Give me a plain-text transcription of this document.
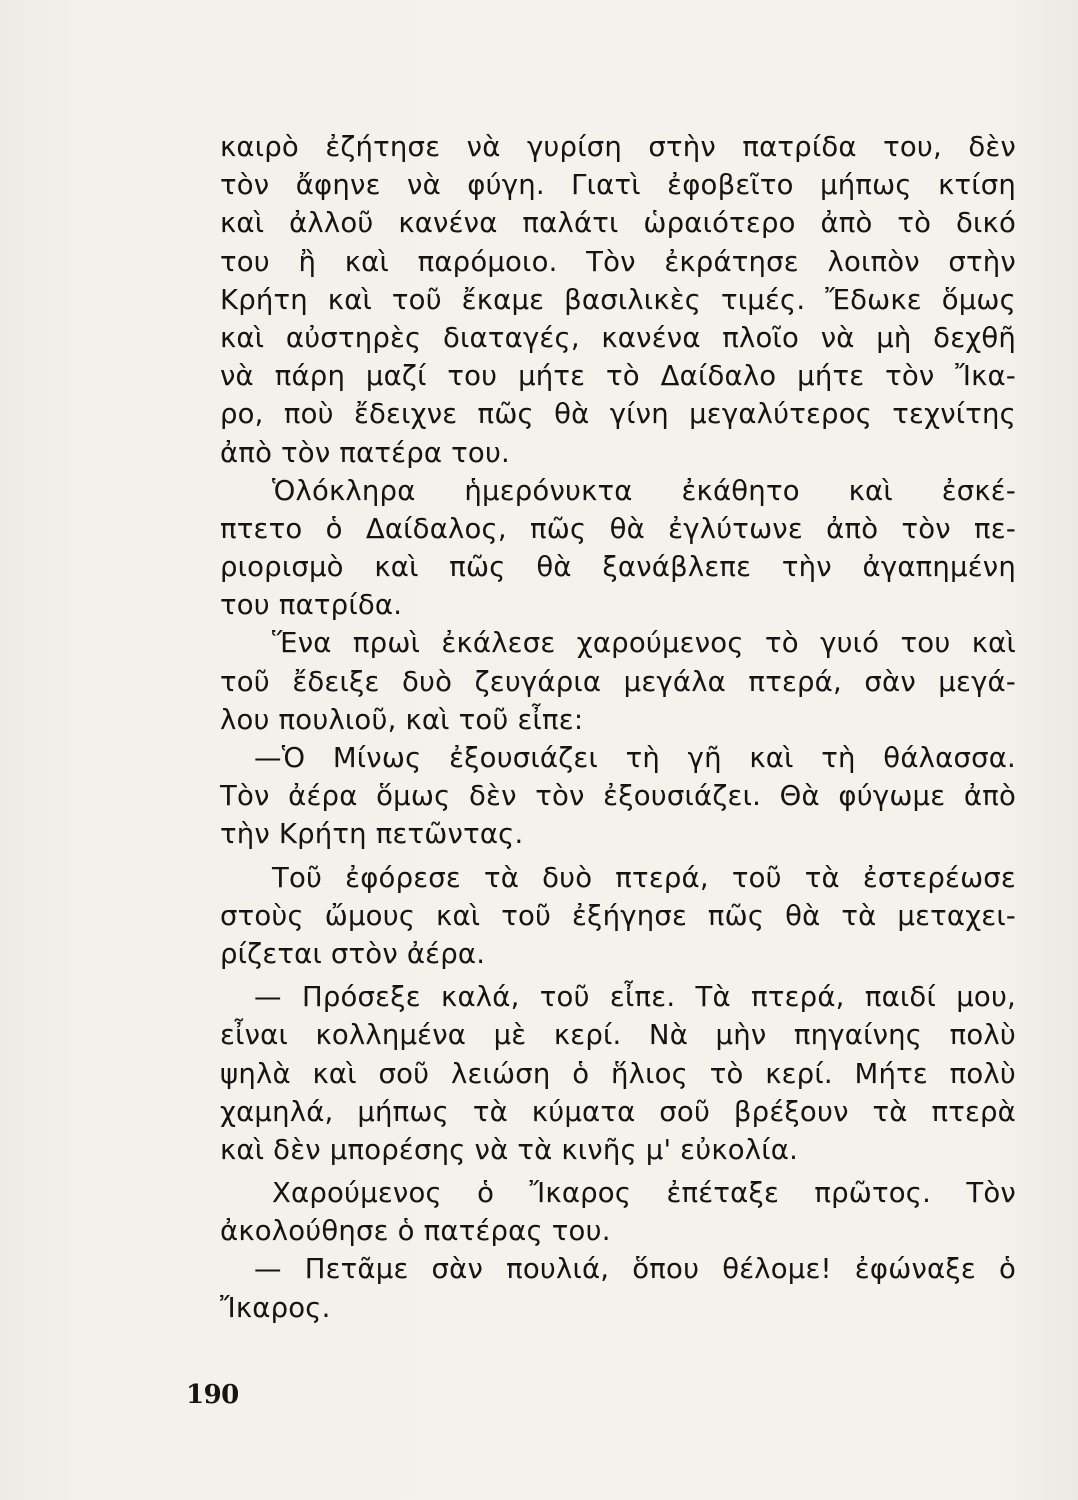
καιρὸ ἐζήτησε νὰ γυρίση στὴν πατρίδα του, δὲν
τὸν ἄφηνε νὰ φύγη. Γιατὶ ἐφοβεῖτο μήπως κτίση
καὶ ἀλλοῦ κανένα παλάτι ὡραιότερο ἀπὸ τὸ δικό
του ἢ καὶ παρόμοιο. Τὸν ἐκράτησε λοιπὸν στὴν
Κρήτη καὶ τοῦ ἔκαμε βασιλικὲς τιμές. Ἔδωκε ὅμως
καὶ αὐστηρὲς διαταγές, κανένα πλοῖο νὰ μὴ δεχθῆ
νὰ πάρη μαζί του μήτε τὸ Δαίδαλο μήτε τὸν Ἴκα-
ρο, ποὺ ἔδειχνε πῶς θὰ γίνη μεγαλύτερος τεχνίτης
ἀπὸ τὸν πατέρα του.
Ὁλόκληρα ἡμερόνυκτα ἐκάθητο καὶ ἐσκέ-
πτετο ὁ Δαίδαλος, πῶς θὰ ἐγλύτωνε ἀπὸ τὸν πε-
ριορισμὸ καὶ πῶς θὰ ξανάβλεπε τὴν ἀγαπημένη
του πατρίδα.
Ἕνα πρωὶ ἐκάλεσε χαρούμενος τὸ γυιό του καὶ
τοῦ ἔδειξε δυὸ ζευγάρια μεγάλα πτερά, σὰν μεγά-
λου πουλιοῦ, καὶ τοῦ εἶπε:
—Ὁ Μίνως ἐξουσιάζει τὴ γῆ καὶ τὴ θάλασσα.
Τὸν ἀέρα ὅμως δὲν τὸν ἐξουσιάζει. Θὰ φύγωμε ἀπὸ
τὴν Κρήτη πετῶντας.
Τοῦ ἐφόρεσε τὰ δυὸ πτερά, τοῦ τὰ ἐστερέωσε
στοὺς ὤμους καὶ τοῦ ἐξήγησε πῶς θὰ τὰ μεταχει-
ρίζεται στὸν ἀέρα.
— Πρόσεξε καλά, τοῦ εἶπε. Τὰ πτερά, παιδί μου,
εἶναι κολλημένα μὲ κερί. Νὰ μὴν πηγαίνης πολὺ
ψηλὰ καὶ σοῦ λειώση ὁ ἥλιος τὸ κερί. Μήτε πολὺ
χαμηλά, μήπως τὰ κύματα σοῦ βρέξουν τὰ πτερὰ
καὶ δὲν μπορέσης νὰ τὰ κινῆς μ' εὐκολία.
Χαρούμενος ὁ Ἴκαρος ἐπέταξε πρῶτος. Τὸν
ἀκολούθησε ὁ πατέρας του.
— Πετᾶμε σὰν πουλιά, ὅπου θέλομε! ἐφώναξε ὁ
Ἴκαρος.
190
